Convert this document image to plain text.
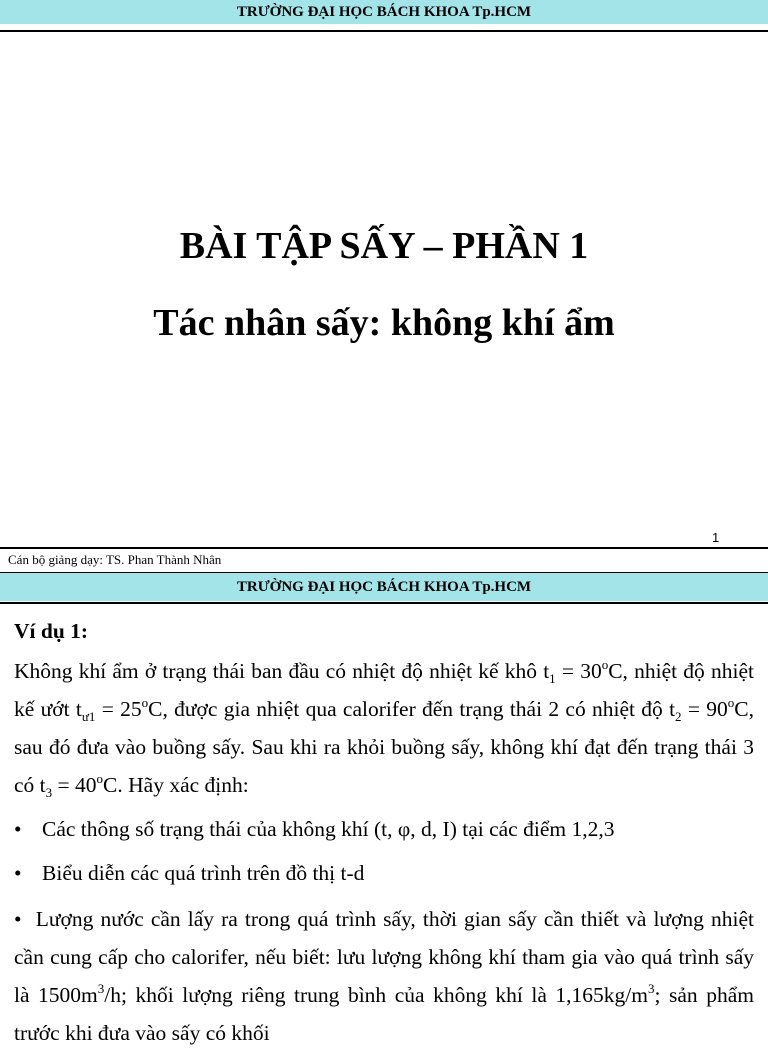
TRƯỜNG ĐẠI HỌC BÁCH KHOA Tp.HCM
BÀI TẬP SẤY – PHẦN 1
Tác nhân sấy: không khí ẩm
1
Cán bộ giảng dạy: TS. Phan Thành Nhân
TRƯỜNG ĐẠI HỌC BÁCH KHOA Tp.HCM
Ví dụ 1:
Không khí ẩm ở trạng thái ban đầu có nhiệt độ nhiệt kế khô $t_1 = 30^oC$, nhiệt độ nhiệt kế ướt $t_{ư1} = 25^oC$, được gia nhiệt qua calorifer đến trạng thái 2 có nhiệt độ $t_2 = 90^oC$, sau đó đưa vào buồng sấy. Sau khi ra khỏi buồng sấy, không khí đạt đến trạng thái 3 có $t_3 = 40^oC$. Hãy xác định:
• Các thông số trạng thái của không khí (t, φ, d, I) tại các điểm 1,2,3
• Biểu diễn các quá trình trên đồ thị t-d
• Lượng nước cần lấy ra trong quá trình sấy, thời gian sấy cần thiết và lượng nhiệt cần cung cấp cho calorifer, nếu biết: lưu lượng không khí tham gia vào quá trình sấy là $1500m^3/h$; khối lượng riêng trung bình của không khí là $1,165kg/m^3$; sản phẩm trước khi đưa vào sấy có khối
